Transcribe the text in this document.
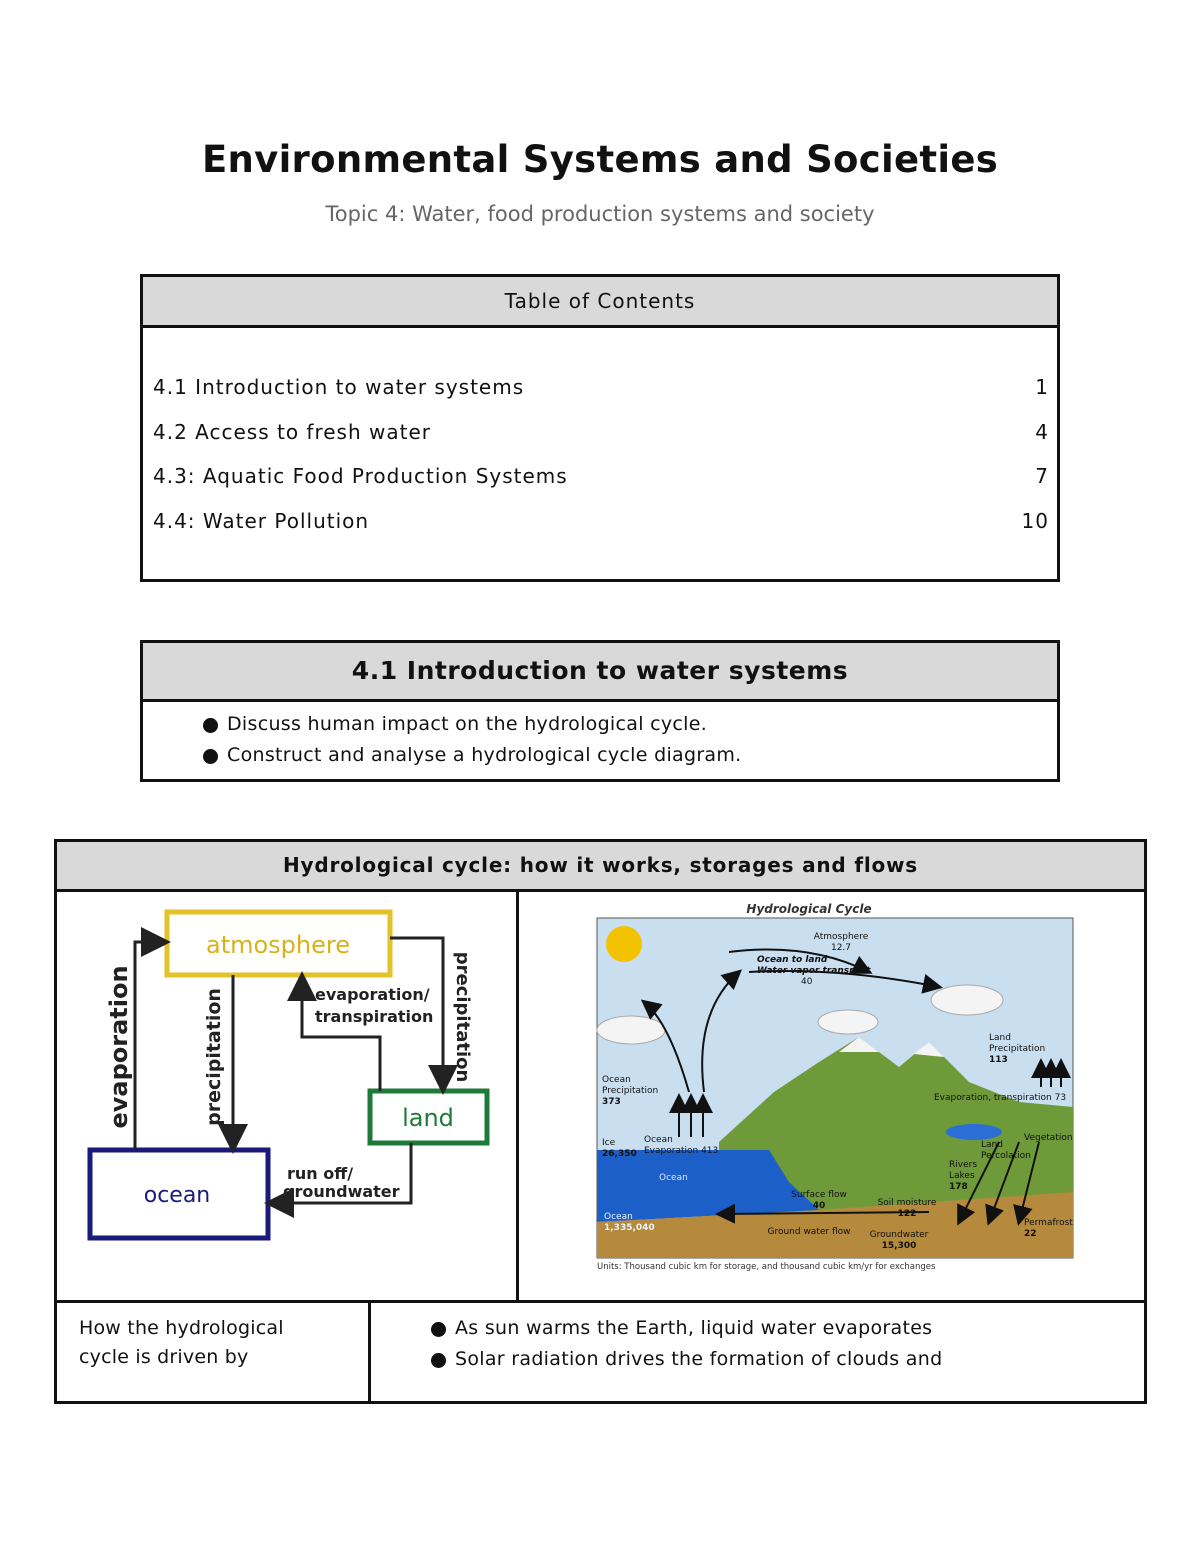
Environmental Systems and Societies
Topic 4: Water, food production systems and society
Table of Contents
4.1 Introduction to water systems	1
4.2 Access to fresh water	4
4.3: Aquatic Food Production Systems	7
4.4: Water Pollution	10
4.1 Introduction to water systems
Discuss human impact on the hydrological cycle.
Construct and analyse a hydrological cycle diagram.
Hydrological cycle: how it works, storages and flows
atmosphere
land
ocean
evaporation	precipitation	evaporation/
transpiration precipitation
run off/
groundwater
Hydrological Cycle
Atmosphere
12.7
Ocean to land
Water vapor transport
40
Land
Precipitation
113
Ocean
Precipitation
373	Evaporation, transpiration 73
Ice
26,350
Ocean
Evaporation 413
Vegetation
Land
Percolation
Rivers
Lakes
178
Ocean
Surface flow
40	Soil moisture
122
Ocean
1,335,040	Ground water flow Groundwater
15,300
Permafrost
22
Units: Thousand cubic km for storage, and thousand cubic km/yr for exchanges
How the hydrological cycle is driven by
As sun warms the Earth, liquid water evaporates
Solar radiation drives the formation of clouds and
